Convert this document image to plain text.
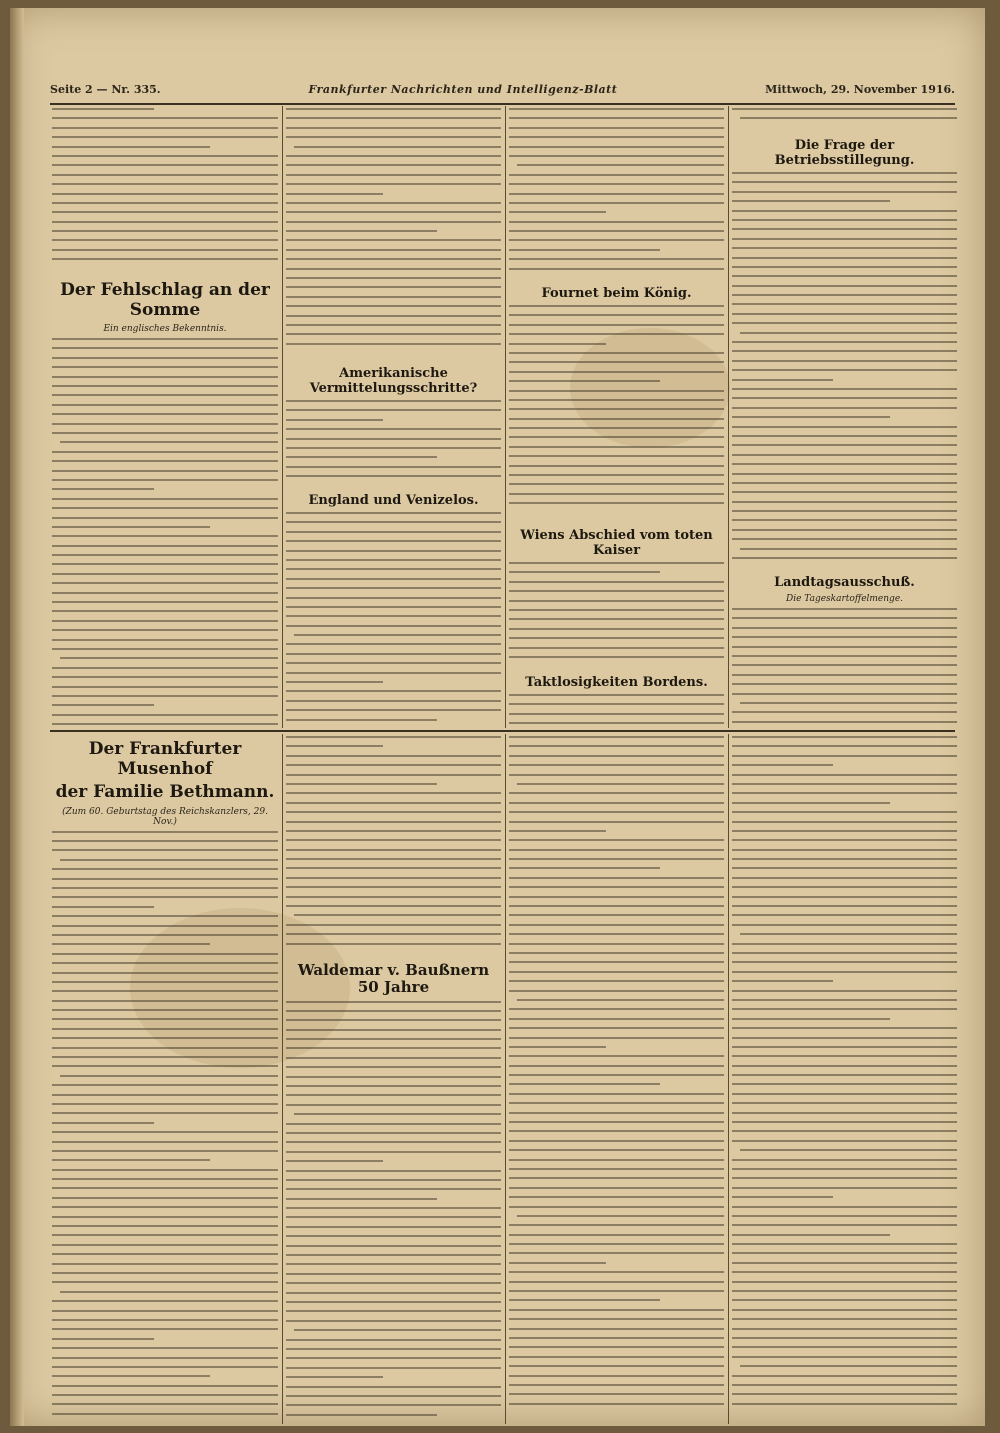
Seite 2 — Nr. 335.	Frankfurter Nachrichten und Intelligenz-Blatt	Mittwoch, 29. November 1916.
Der Fehlschlag an der Somme
Ein englisches Bekenntnis.
Amerikanische Vermittelungsschritte?
England und Venizelos.
Fournet beim König.
Wiens Abschied vom toten Kaiser
Taktlosigkeiten Bordens.
Die Frage der Betriebsstillegung.
Landtagsausschuß.
Die Tageskartoffelmenge.
Der Frankfurter Musenhof
der Familie Bethmann.
(Zum 60. Geburtstag des Reichskanzlers, 29. Nov.)
Waldemar v. Baußnern 50 Jahre
